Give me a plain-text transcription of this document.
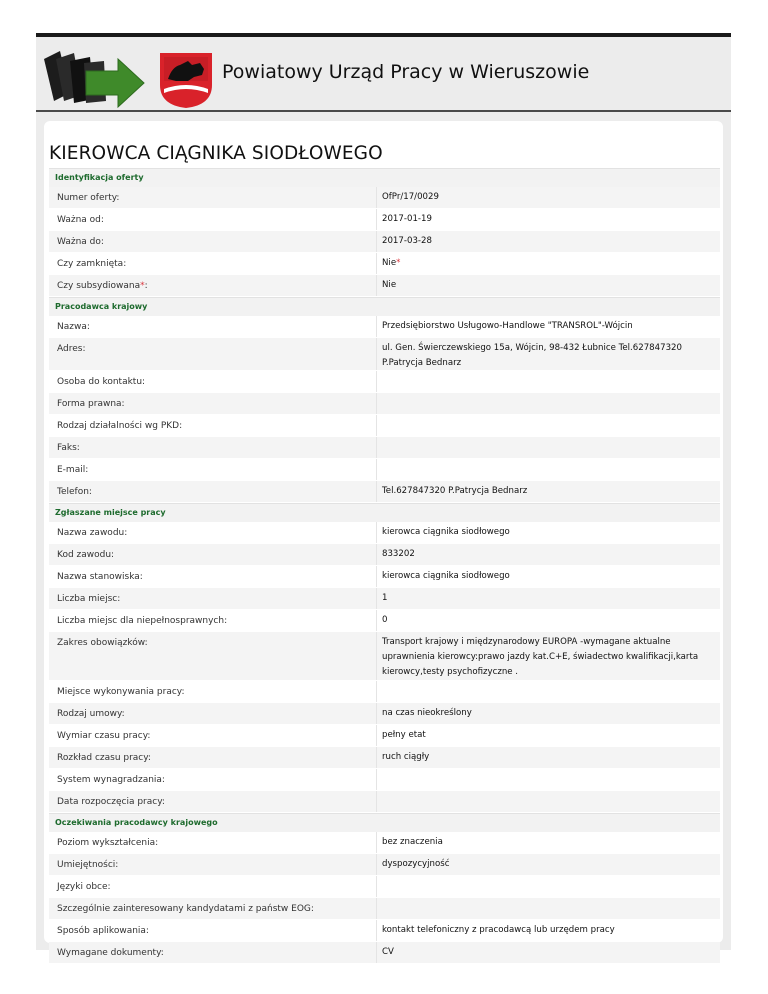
Powiatowy Urząd Pracy w Wieruszowie
KIEROWCA CIĄGNIKA SIODŁOWEGO
Identyfikacja oferty
Numer oferty:	OfPr/17/0029
Ważna od:	2017-01-19
Ważna do:	2017-03-28
Czy zamknięta:	Nie *
Czy subsydiowana * :	Nie
Pracodawca krajowy
Nazwa:	Przedsiębiorstwo Usługowo-Handlowe "TRANSROL"-Wójcin
Adres:	ul. Gen. Świerczewskiego 15a, Wójcin, 98-432 Łubnice Tel.627847320 P.Patrycja Bednarz
Osoba do kontaktu:
Forma prawna:
Rodzaj działalności wg PKD:
Faks:
E-mail:
Telefon:	Tel.627847320 P.Patrycja Bednarz
Zgłaszane miejsce pracy
Nazwa zawodu:	kierowca ciągnika siodłowego
Kod zawodu:	833202
Nazwa stanowiska:	kierowca ciągnika siodłowego
Liczba miejsc:	1
Liczba miejsc dla niepełnosprawnych:	0
Zakres obowiązków:	Transport krajowy i międzynarodowy EUROPA -wymagane aktualne uprawnienia kierowcy:prawo jazdy kat.C+E, świadectwo kwalifikacji,karta kierowcy,testy psychofizyczne .
Miejsce wykonywania pracy:
Rodzaj umowy:	na czas nieokreślony
Wymiar czasu pracy:	pełny etat
Rozkład czasu pracy:	ruch ciągły
System wynagradzania:
Data rozpoczęcia pracy:
Oczekiwania pracodawcy krajowego
Poziom wykształcenia:	bez znaczenia
Umiejętności:	dyspozycyjność
Języki obce:
Szczególnie zainteresowany kandydatami z państw EOG:
Sposób aplikowania:	kontakt telefoniczny z pracodawcą lub urzędem pracy
Wymagane dokumenty:	CV
